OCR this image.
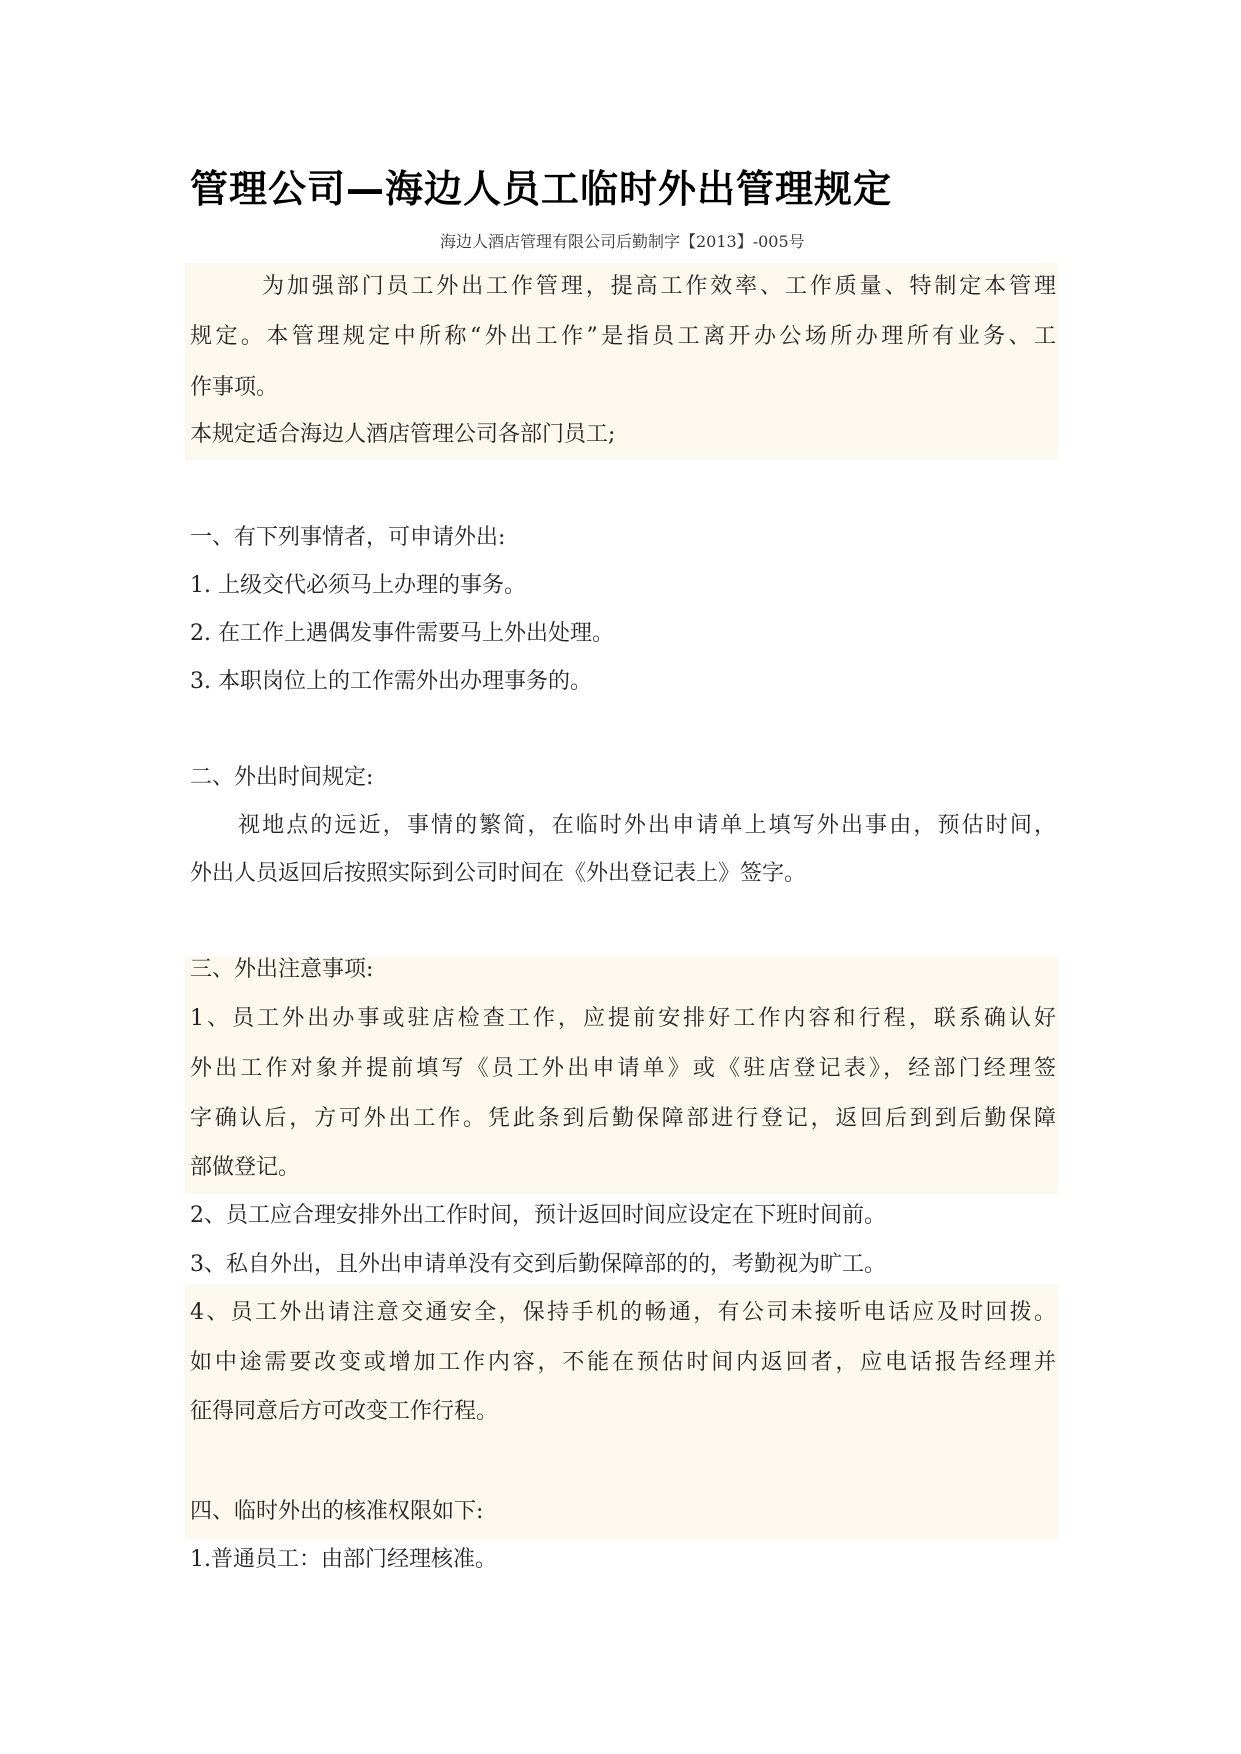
管理公司—海边人员工临时外出管理规定
海边人酒店管理有限公司后勤制字【2013】-005号
为加强部门员工外出工作管理，提高工作效率、工作质量、特制定本管理
规定。本管理规定中所称“外出工作”是指员工离开办公场所办理所有业务、工
作事项。
本规定适合海边人酒店管理公司各部门员工;
一、有下列事情者，可申请外出:
1. 上级交代必须马上办理的事务。
2. 在工作上遇偶发事件需要马上外出处理。
3. 本职岗位上的工作需外出办理事务的。
二、外出时间规定:
视地点的远近，事情的繁简，在临时外出申请单上填写外出事由，预估时间，
外出人员返回后按照实际到公司时间在《外出登记表上》签字。
三、外出注意事项:
1、员工外出办事或驻店检查工作，应提前安排好工作内容和行程，联系确认好
外出工作对象并提前填写《员工外出申请单》或《驻店登记表》，经部门经理签
字确认后，方可外出工作。凭此条到后勤保障部进行登记，返回后到到后勤保障
部做登记。
2、员工应合理安排外出工作时间，预计返回时间应设定在下班时间前。
3、私自外出，且外出申请单没有交到后勤保障部的的，考勤视为旷工。
4、员工外出请注意交通安全，保持手机的畅通，有公司未接听电话应及时回拨。
如中途需要改变或增加工作内容，不能在预估时间内返回者，应电话报告经理并
征得同意后方可改变工作行程。
四、临时外出的核准权限如下:
1.普通员工：由部门经理核准。
